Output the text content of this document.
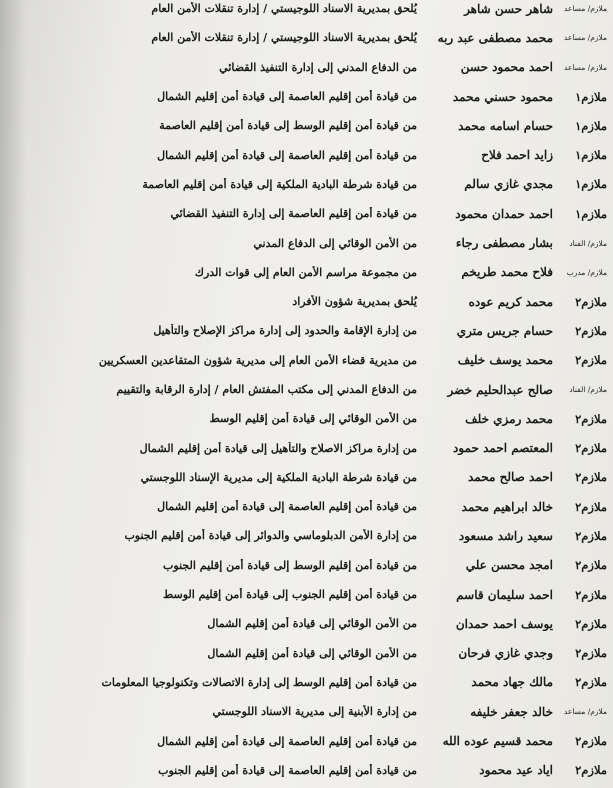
ملازم/ مساعد
شاهر حسن شاهر
يُلحق بمديرية الاسناد اللوجيستي / إدارة تنقلات الأمن العام
ملازم/ مساعد
محمد مصطفى عبد ربه
يُلحق بمديرية الاسناد اللوجيستي / إدارة تنقلات الأمن العام
ملازم/ مساعد
احمد محمود حسن
من الدفاع المدني إلى إدارة التنفيذ القضائي
ملازم١
محمود حسني محمد
من قيادة أمن إقليم العاصمة إلى قيادة أمن إقليم الشمال
ملازم١
حسام اسامه محمد
من قيادة أمن إقليم الوسط إلى قيادة أمن إقليم العاصمة
ملازم١
زايد احمد فلاح
من قيادة أمن إقليم العاصمة إلى قيادة أمن إقليم الشمال
ملازم١
مجدي غازي سالم
من قيادة شرطة البادية الملكية إلى قيادة أمن إقليم العاصمة
ملازم١
احمد حمدان محمود
من قيادة أمن إقليم العاصمة إلى إدارة التنفيذ القضائي
ملازم/ الفناد
بشار مصطفى رجاء
من الأمن الوقائي إلى الدفاع المدني
ملازم/ مدرب
فلاح محمد طريخم
من مجموعة مراسم الأمن العام إلى قوات الدرك
ملازم٢
محمد كريم عوده
يُلحق بمديرية شؤون الأفراد
ملازم٢
حسام جريس متري
من إدارة الإقامة والحدود إلى إدارة مراكز الإصلاح والتأهيل
ملازم٢
محمد يوسف خليف
من مديرية قضاء الأمن العام إلى مديرية شؤون المتقاعدين العسكريين
ملازم/ الفناد
صالح عبدالحليم خضر
من الدفاع المدني إلى مكتب المفتش العام / إدارة الرقابة والتقييم
ملازم٢
محمد رمزي خلف
من الأمن الوقائي إلى قيادة أمن إقليم الوسط
ملازم٢
المعتصم احمد حمود
من إدارة مراكز الاصلاح والتأهيل إلى قيادة أمن إقليم الشمال
ملازم٢
احمد صالح محمد
من قيادة شرطة البادية الملكية إلى مديرية الإسناد اللوجستي
ملازم٢
خالد ابراهيم محمد
من قيادة أمن إقليم العاصمة إلى قيادة أمن إقليم الشمال
ملازم٢
سعيد راشد مسعود
من إدارة الأمن الدبلوماسي والدوائر إلى قيادة أمن إقليم الجنوب
ملازم٢
امجد محسن علي
من قيادة أمن إقليم الوسط إلى قيادة أمن إقليم الجنوب
ملازم٢
احمد سليمان قاسم
من قيادة أمن إقليم الجنوب إلى قيادة أمن إقليم الوسط
ملازم٢
يوسف احمد حمدان
من الأمن الوقائي إلى قيادة أمن إقليم الشمال
ملازم٢
وجدي غازي فرحان
من الأمن الوقائي إلى قيادة أمن إقليم الشمال
ملازم٢
مالك جهاد محمد
من قيادة أمن إقليم الوسط إلى إدارة الاتصالات وتكنولوجيا المعلومات
ملازم/ مساعد
خالد جعفر خليفه
من إدارة الأبنية إلى مديرية الاسناد اللوجستي
ملازم٢
محمد قسيم عوده الله
من قيادة أمن إقليم العاصمة إلى قيادة أمن إقليم الشمال
ملازم٢
اياد عيد محمود
من قيادة أمن إقليم العاصمة إلى قيادة أمن إقليم الجنوب
